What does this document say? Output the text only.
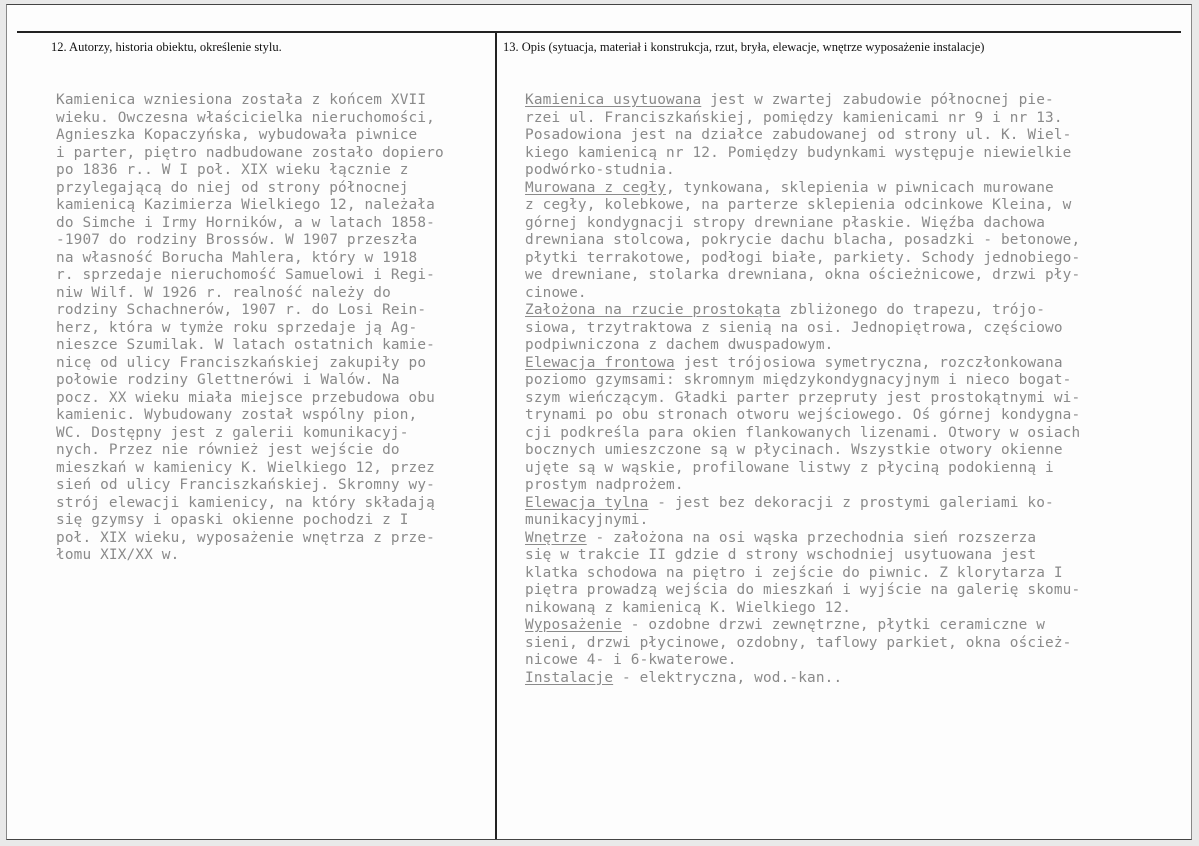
12. Autorzy, historia obiektu, określenie stylu.	13. Opis (sytuacja, materiał i konstrukcja, rzut, bryła, elewacje, wnętrze wyposażenie instalacje)
Kamienica wzniesiona została z końcem XVII
wieku. Owczesna właścicielka nieruchomości,
Agnieszka Kopaczyńska, wybudowała piwnice
i parter, piętro nadbudowane zostało dopiero
po 1836 r.. W I poł. XIX wieku łącznie z
przylegającą do niej od strony północnej
kamienicą Kazimierza Wielkiego 12, należała
do Simche i Irmy Horników, a w latach 1858-
-1907 do rodziny Brossów. W 1907 przeszła
na własność Borucha Mahlera, który w 1918
r. sprzedaje nieruchomość Samuelowi i Regi-
niw Wilf. W 1926 r. realność należy do
rodziny Schachnerów, 1907 r. do Losi Rein-
herz, która w tymże roku sprzedaje ją Ag-
nieszce Szumilak. W latach ostatnich kamie-
nicę od ulicy Franciszkańskiej zakupiły po
połowie rodziny Glettnerówi i Walów. Na
pocz. XX wieku miała miejsce przebudowa obu
kamienic. Wybudowany został wspólny pion,
WC. Dostępny jest z galerii komunikacyj-
nych. Przez nie również jest wejście do
mieszkań w kamienicy K. Wielkiego 12, przez
sień od ulicy Franciszkańskiej. Skromny wy-
strój elewacji kamienicy, na który składają
się gzymsy i opaski okienne pochodzi z I
poł. XIX wieku, wyposażenie wnętrza z prze-
łomu XIX/XX w.
Kamienica usytuowana jest w zwartej zabudowie północnej pie-
rzei ul. Franciszkańskiej, pomiędzy kamienicami nr 9 i nr 13.
Posadowiona jest na działce zabudowanej od strony ul. K. Wiel-
kiego kamienicą nr 12. Pomiędzy budynkami występuje niewielkie
podwórko-studnia.
Murowana z cegły, tynkowana, sklepienia w piwnicach murowane
z cegły, kolebkowe, na parterze sklepienia odcinkowe Kleina, w
górnej kondygnacji stropy drewniane płaskie. Więźba dachowa
drewniana stolcowa, pokrycie dachu blacha, posadzki - betonowe,
płytki terrakotowe, podłogi białe, parkiety. Schody jednobiego-
we drewniane, stolarka drewniana, okna ościeżnicowe, drzwi pły-
cinowe.
Założona na rzucie prostokąta zbliżonego do trapezu, trójo-
siowa, trzytraktowa z sienią na osi. Jednopiętrowa, częściowo
podpiwniczona z dachem dwuspadowym.
Elewacja frontowa jest trójosiowa symetryczna, rozczłonkowana
poziomo gzymsami: skromnym międzykondygnacyjnym i nieco bogat-
szym wieńczącym. Gładki parter przepruty jest prostokątnymi wi-
trynami po obu stronach otworu wejściowego. Oś górnej kondygna-
cji podkreśla para okien flankowanych lizenami. Otwory w osiach
bocznych umieszczone są w płycinach. Wszystkie otwory okienne
ujęte są w wąskie, profilowane listwy z płyciną podokienną i
prostym nadprożem.
Elewacja tylna - jest bez dekoracji z prostymi galeriami ko-
munikacyjnymi.
Wnętrze - założona na osi wąska przechodnia sień rozszerza
się w trakcie II gdzie d strony wschodniej usytuowana jest
klatka schodowa na piętro i zejście do piwnic. Z klorytarza I
piętra prowadzą wejścia do mieszkań i wyjście na galerię skomu-
nikowaną z kamienicą K. Wielkiego 12.
Wyposażenie - ozdobne drzwi zewnętrzne, płytki ceramiczne w
sieni, drzwi płycinowe, ozdobny, taflowy parkiet, okna oścież-
nicowe 4- i 6-kwaterowe.
Instalacje - elektryczna, wod.-kan..
